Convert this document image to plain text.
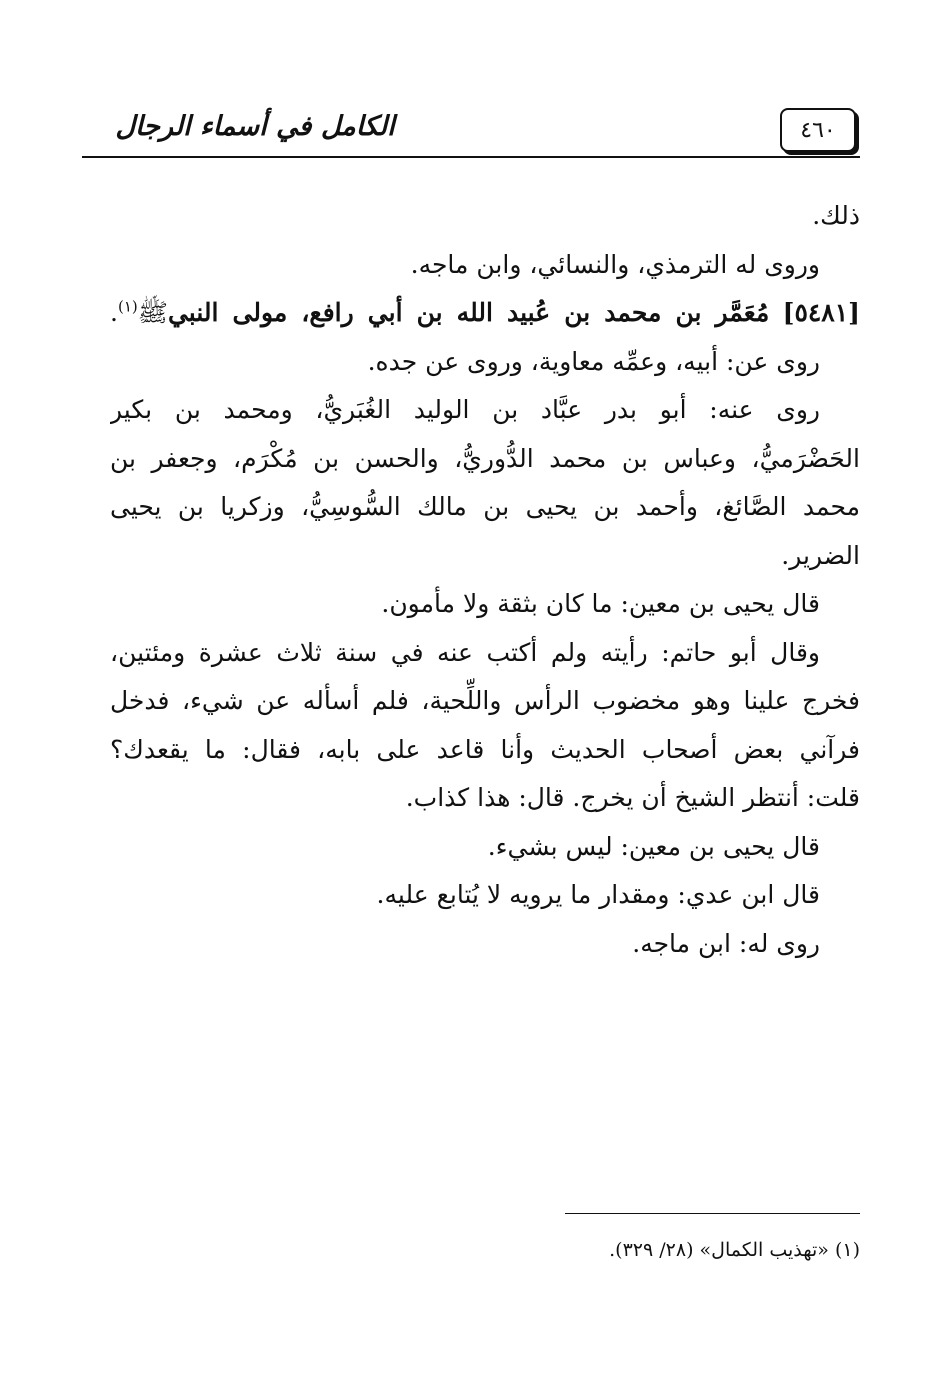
٤٦٠
الكامل في أسماء الرجال
ذلك.
وروى له الترمذي، والنسائي، وابن ماجه.
[٥٤٨١] مُعَمَّر بن محمد بن عُبيد الله بن أبي رافع، مولى النبيﷺ$^{(١)}$.
روى عن: أبيه، وعمِّه معاوية، وروى عن جده.
روى عنه: أبو بدر عبَّاد بن الوليد الغُبَريُّ، ومحمد بن بكير
الحَضْرَميُّ، وعباس بن محمد الدُّوريُّ، والحسن بن مُكْرَم، وجعفر بن
محمد الصَّائغ، وأحمد بن يحيى بن مالك السُّوسِيُّ، وزكريا بن يحيى
الضرير.
قال يحيى بن معين: ما كان بثقة ولا مأمون.
وقال أبو حاتم: رأيته ولم أكتب عنه في سنة ثلاث عشرة ومئتين،
فخرج علينا وهو مخضوب الرأس واللِّحية، فلم أسأله عن شيء، فدخل
فرآني بعض أصحاب الحديث وأنا قاعد على بابه، فقال: ما يقعدك؟
قلت: أنتظر الشيخ أن يخرج. قال: هذا كذاب.
قال يحيى بن معين: ليس بشيء.
قال ابن عدي: ومقدار ما يرويه لا يُتابع عليه.
روى له: ابن ماجه.
(١) «تهذيب الكمال» (٢٨/ ٣٢٩).
